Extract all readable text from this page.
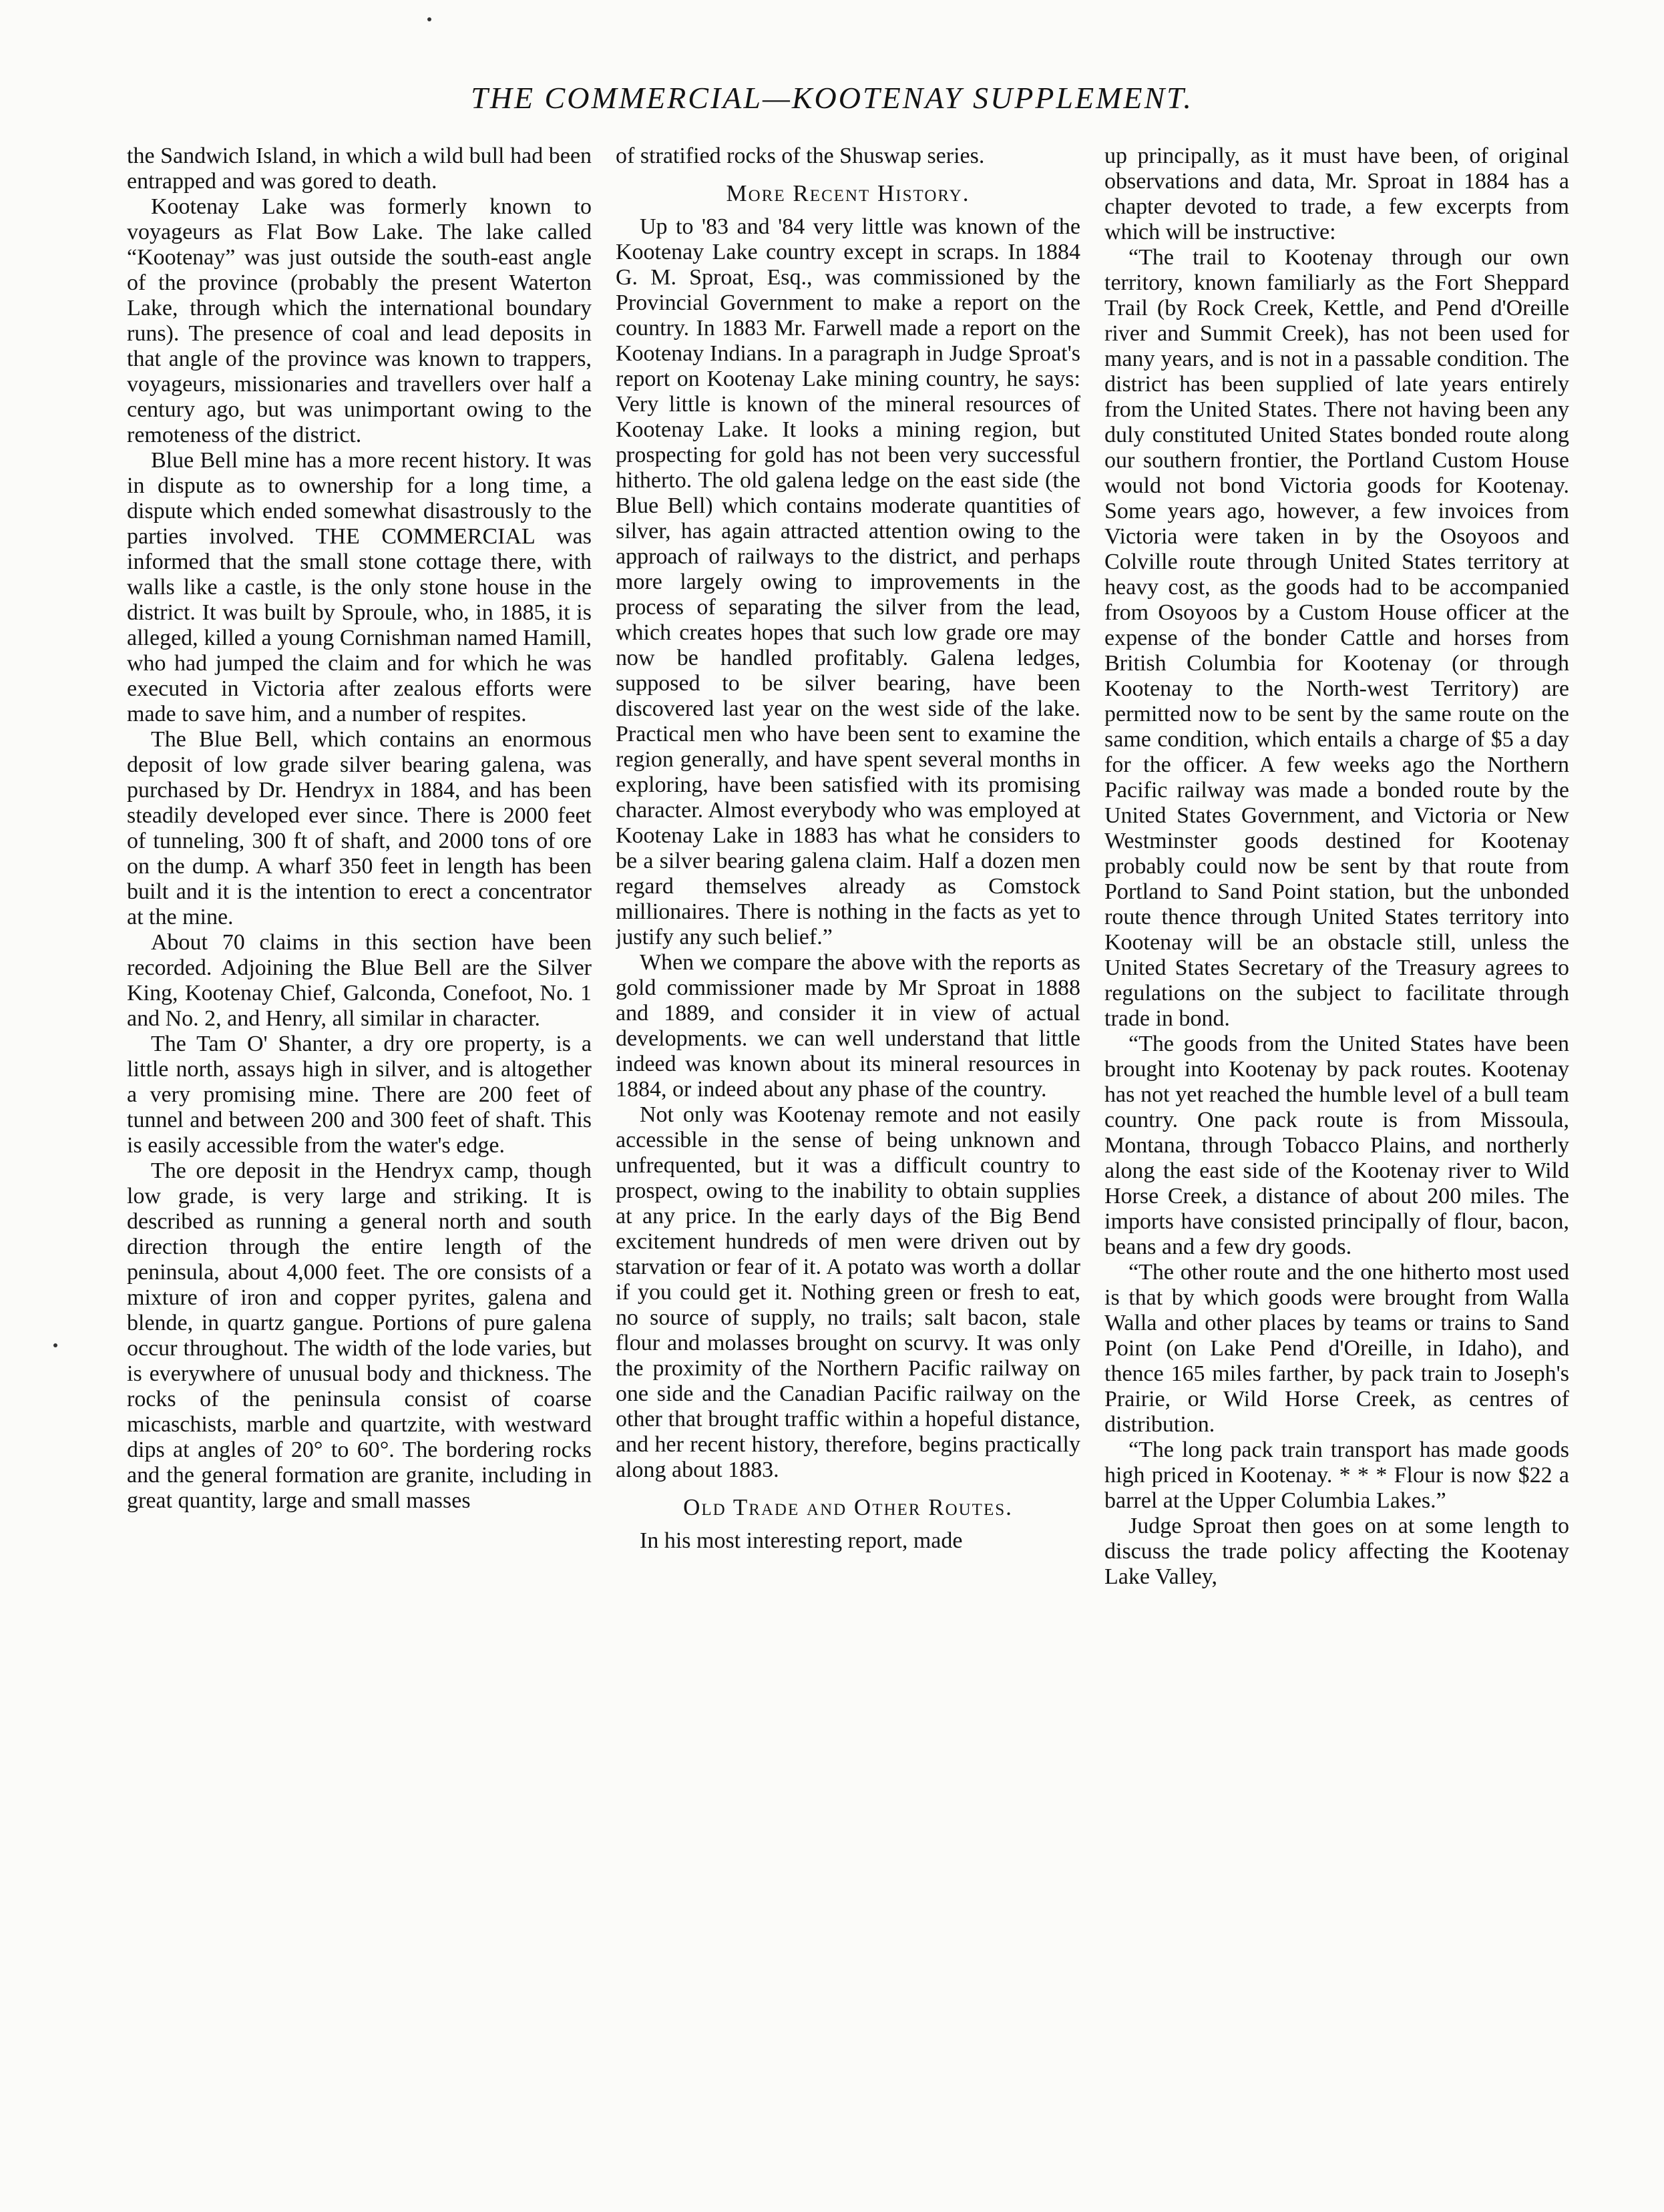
THE COMMERCIAL—KOOTENAY SUPPLEMENT.

the Sandwich Island, in which a wild bull had been entrapped and was gored to death.

Kootenay Lake was formerly known to voyageurs as Flat Bow Lake. The lake called “Kootenay” was just outside the south-east angle of the province (probably the present Waterton Lake, through which the international boundary runs). The presence of coal and lead deposits in that angle of the province was known to trappers, voyageurs, missionaries and travellers over half a century ago, but was unimportant owing to the remoteness of the district.

Blue Bell mine has a more recent history. It was in dispute as to ownership for a long time, a dispute which ended somewhat disastrously to the parties involved. THE COMMERCIAL was informed that the small stone cottage there, with walls like a castle, is the only stone house in the district. It was built by Sproule, who, in 1885, it is alleged, killed a young Cornishman named Hamill, who had jumped the claim and for which he was executed in Victoria after zealous efforts were made to save him, and a number of respites.

The Blue Bell, which contains an enormous deposit of low grade silver bearing galena, was purchased by Dr. Hendryx in 1884, and has been steadily developed ever since. There is 2000 feet of tunneling, 300 ft of shaft, and 2000 tons of ore on the dump. A wharf 350 feet in length has been built and it is the intention to erect a concentrator at the mine.

About 70 claims in this section have been recorded. Adjoining the Blue Bell are the Silver King, Kootenay Chief, Galconda, Conefoot, No. 1 and No. 2, and Henry, all similar in character.

The Tam O' Shanter, a dry ore property, is a little north, assays high in silver, and is altogether a very promising mine. There are 200 feet of tunnel and between 200 and 300 feet of shaft. This is easily accessible from the water's edge.

The ore deposit in the Hendryx camp, though low grade, is very large and striking. It is described as running a general north and south direction through the entire length of the peninsula, about 4,000 feet. The ore consists of a mixture of iron and copper pyrites, galena and blende, in quartz gangue. Portions of pure galena occur throughout. The width of the lode varies, but is everywhere of unusual body and thickness. The rocks of the peninsula consist of coarse micaschists, marble and quartzite, with westward dips at angles of 20° to 60°. The bordering rocks and the general formation are granite, including in great quantity, large and small masses

of stratified rocks of the Shuswap series.

More Recent History.

Up to '83 and '84 very little was known of the Kootenay Lake country except in scraps. In 1884 G. M. Sproat, Esq., was commissioned by the Provincial Government to make a report on the country. In 1883 Mr. Farwell made a report on the Kootenay Indians. In a paragraph in Judge Sproat's report on Kootenay Lake mining country, he says: Very little is known of the mineral resources of Kootenay Lake. It looks a mining region, but prospecting for gold has not been very successful hitherto. The old galena ledge on the east side (the Blue Bell) which contains moderate quantities of silver, has again attracted attention owing to the approach of railways to the district, and perhaps more largely owing to improvements in the process of separating the silver from the lead, which creates hopes that such low grade ore may now be handled profitably. Galena ledges, supposed to be silver bearing, have been discovered last year on the west side of the lake. Practical men who have been sent to examine the region generally, and have spent several months in exploring, have been satisfied with its promising character. Almost everybody who was employed at Kootenay Lake in 1883 has what he considers to be a silver bearing galena claim. Half a dozen men regard themselves already as Comstock millionaires. There is nothing in the facts as yet to justify any such belief.”

When we compare the above with the reports as gold commissioner made by Mr Sproat in 1888 and 1889, and consider it in view of actual developments. we can well understand that little indeed was known about its mineral resources in 1884, or indeed about any phase of the country.

Not only was Kootenay remote and not easily accessible in the sense of being unknown and unfrequented, but it was a difficult country to prospect, owing to the inability to obtain supplies at any price. In the early days of the Big Bend excitement hundreds of men were driven out by starvation or fear of it. A potato was worth a dollar if you could get it. Nothing green or fresh to eat, no source of supply, no trails; salt bacon, stale flour and molasses brought on scurvy. It was only the proximity of the Northern Pacific railway on one side and the Canadian Pacific railway on the other that brought traffic within a hopeful distance, and her recent history, therefore, begins practically along about 1883.

Old Trade and Other Routes.

In his most interesting report, made

up principally, as it must have been, of original observations and data, Mr. Sproat in 1884 has a chapter devoted to trade, a few excerpts from which will be instructive:

“The trail to Kootenay through our own territory, known familiarly as the Fort Sheppard Trail (by Rock Creek, Kettle, and Pend d'Oreille river and Summit Creek), has not been used for many years, and is not in a passable condition. The district has been supplied of late years entirely from the United States. There not having been any duly constituted United States bonded route along our southern frontier, the Portland Custom House would not bond Victoria goods for Kootenay. Some years ago, however, a few invoices from Victoria were taken in by the Osoyoos and Colville route through United States territory at heavy cost, as the goods had to be accompanied from Osoyoos by a Custom House officer at the expense of the bonder Cattle and horses from British Columbia for Kootenay (or through Kootenay to the North-west Territory) are permitted now to be sent by the same route on the same condition, which entails a charge of $5 a day for the officer. A few weeks ago the Northern Pacific railway was made a bonded route by the United States Government, and Victoria or New Westminster goods destined for Kootenay probably could now be sent by that route from Portland to Sand Point station, but the unbonded route thence through United States territory into Kootenay will be an obstacle still, unless the United States Secretary of the Treasury agrees to regulations on the subject to facilitate through trade in bond.

“The goods from the United States have been brought into Kootenay by pack routes. Kootenay has not yet reached the humble level of a bull team country. One pack route is from Missoula, Montana, through Tobacco Plains, and northerly along the east side of the Kootenay river to Wild Horse Creek, a distance of about 200 miles. The imports have consisted principally of flour, bacon, beans and a few dry goods.

“The other route and the one hitherto most used is that by which goods were brought from Walla Walla and other places by teams or trains to Sand Point (on Lake Pend d'Oreille, in Idaho), and thence 165 miles farther, by pack train to Joseph's Prairie, or Wild Horse Creek, as centres of distribution.

“The long pack train transport has made goods high priced in Kootenay. * * * Flour is now $22 a barrel at the Upper Columbia Lakes.”

Judge Sproat then goes on at some length to discuss the trade policy affecting the Kootenay Lake Valley,
